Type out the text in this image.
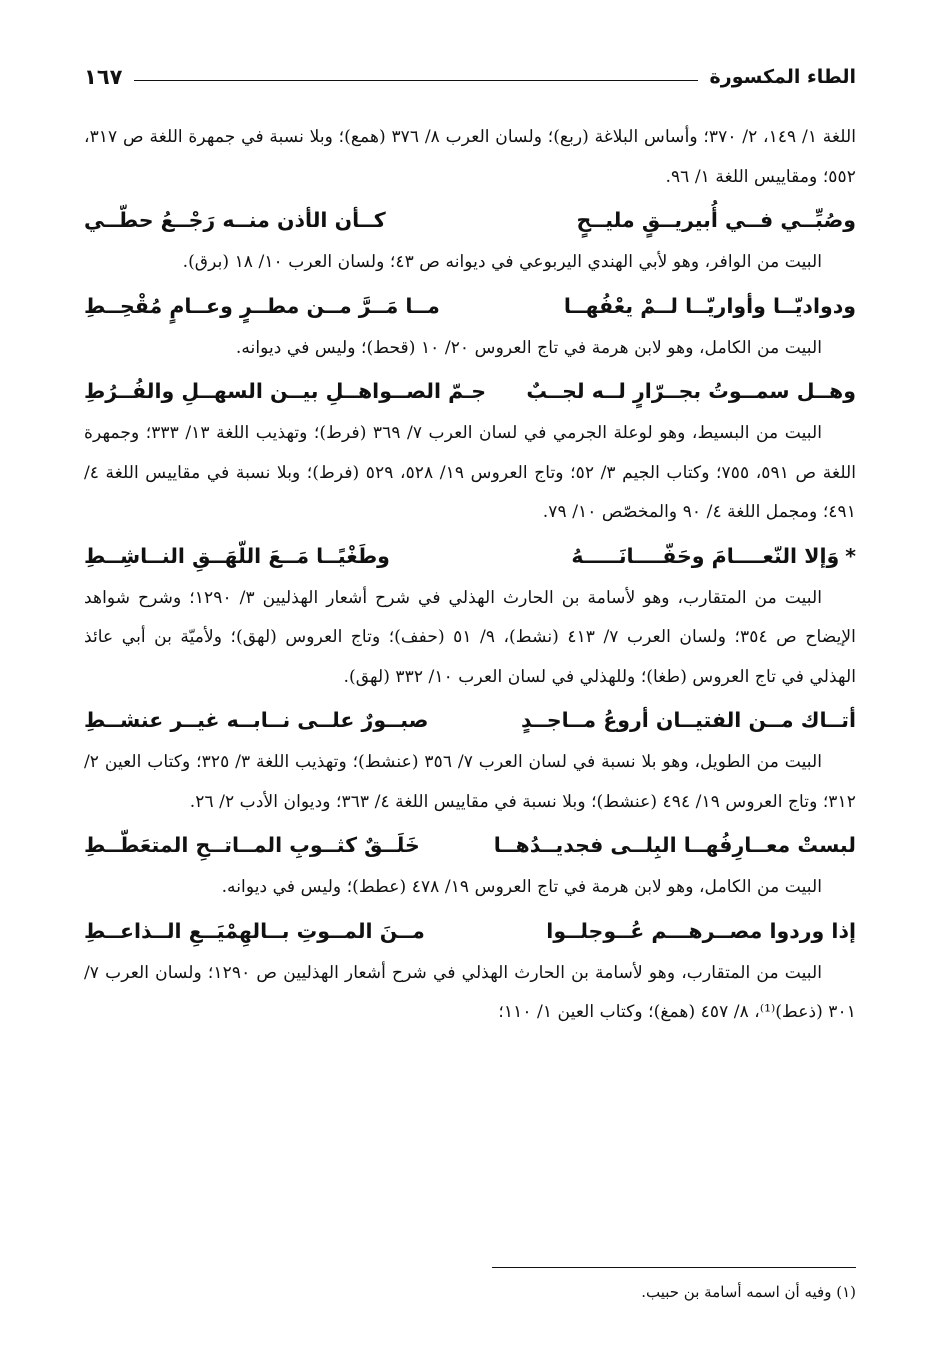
الطاء المكسورة
١٦٧

اللغة ١/ ١٤٩، ٢/ ٣٧٠؛ وأساس البلاغة (ربع)؛ ولسان العرب ٨/ ٣٧٦ (همع)؛ وبلا نسبة في جمهرة اللغة ص ٣١٧، ٥٥٢؛ ومقاييس اللغة ١/ ٩٦.

وصُبِّــي فــي أُبيريــقٍ مليــحٍ
كــأن الأذن منــه رَجْــعُ حطّــي

البيت من الوافر، وهو لأبي الهندي اليربوعي في ديوانه ص ٤٣؛ ولسان العرب ١٠/ ١٨ (برق).

ودواديّــا وأواريّــا لــمْ يعْفُهــا
مــا مَــرَّ مــن مطــرٍ وعــامٍ مُقْحِــطِ

البيت من الكامل، وهو لابن هرمة في تاج العروس ٢٠/ ١٠ (قحط)؛ وليس في ديوانه.

وهــل سمــوتُ بجــرّارٍ لــه لجــبٌ
جـمّ الصــواهــلِ بيــن السهــلِ والفُــرُطِ

البيت من البسيط، وهو لوعلة الجرمي في لسان العرب ٧/ ٣٦٩ (فرط)؛ وتهذيب اللغة ١٣/ ٣٣٣؛ وجمهرة اللغة ص ٥٩١، ٧٥٥؛ وكتاب الجيم ٣/ ٥٢؛ وتاج العروس ١٩/ ٥٢٨، ٥٢٩ (فرط)؛ وبلا نسبة في مقاييس اللغة ٤/ ٤٩١؛ ومجمل اللغة ٤/ ٩٠ والمخصّص ١٠/ ٧٩.

*وَإلا النّعــــامَ وحَفّــــانَـــــهُ
وطَغْيًــا مَــعَ اللّهَــقِ النــاشِــطِ

البيت من المتقارب، وهو لأسامة بن الحارث الهذلي في شرح أشعار الهذليين ٣/ ١٢٩٠؛ وشرح شواهد الإيضاح ص ٣٥٤؛ ولسان العرب ٧/ ٤١٣ (نشط)، ٩/ ٥١ (حفف)؛ وتاج العروس (لهق)؛ ولأميّة بن أبي عائذ الهذلي في تاج العروس (طغا)؛ وللهذلي في لسان العرب ١٠/ ٣٣٢ (لهق).

أتــاك مــن الفتيــان أروعُ مــاجــدٍ
صبــورٌ علــى نــابــه غيــر عنشــطِ

البيت من الطويل، وهو بلا نسبة في لسان العرب ٧/ ٣٥٦ (عنشط)؛ وتهذيب اللغة ٣/ ٣٢٥؛ وكتاب العين ٢/ ٣١٢؛ وتاج العروس ١٩/ ٤٩٤ (عنشط)؛ وبلا نسبة في مقاييس اللغة ٤/ ٣٦٣؛ وديوان الأدب ٢/ ٢٦.

لبستْ معــارِفُهــا البِلــى فجديــدُهــا
خَلَــقٌ كثــوبِ المــاتــحِ المتعَطّــطِ

البيت من الكامل، وهو لابن هرمة في تاج العروس ١٩/ ٤٧٨ (عطط)؛ وليس في ديوانه.

إذا وردوا مصــرهـــم عُــوجلــوا
مــنَ المــوتِ بــالهِمْيَــعِ الــذاعــطِ

البيت من المتقارب، وهو لأسامة بن الحارث الهذلي في شرح أشعار الهذليين ص ١٢٩٠؛ ولسان العرب ٧/ ٣٠١ (ذعط)⁽¹⁾، ٨/ ٤٥٧ (همغ)؛ وكتاب العين ١/ ١١٠؛

(١) وفيه أن اسمه أسامة بن حبيب.
